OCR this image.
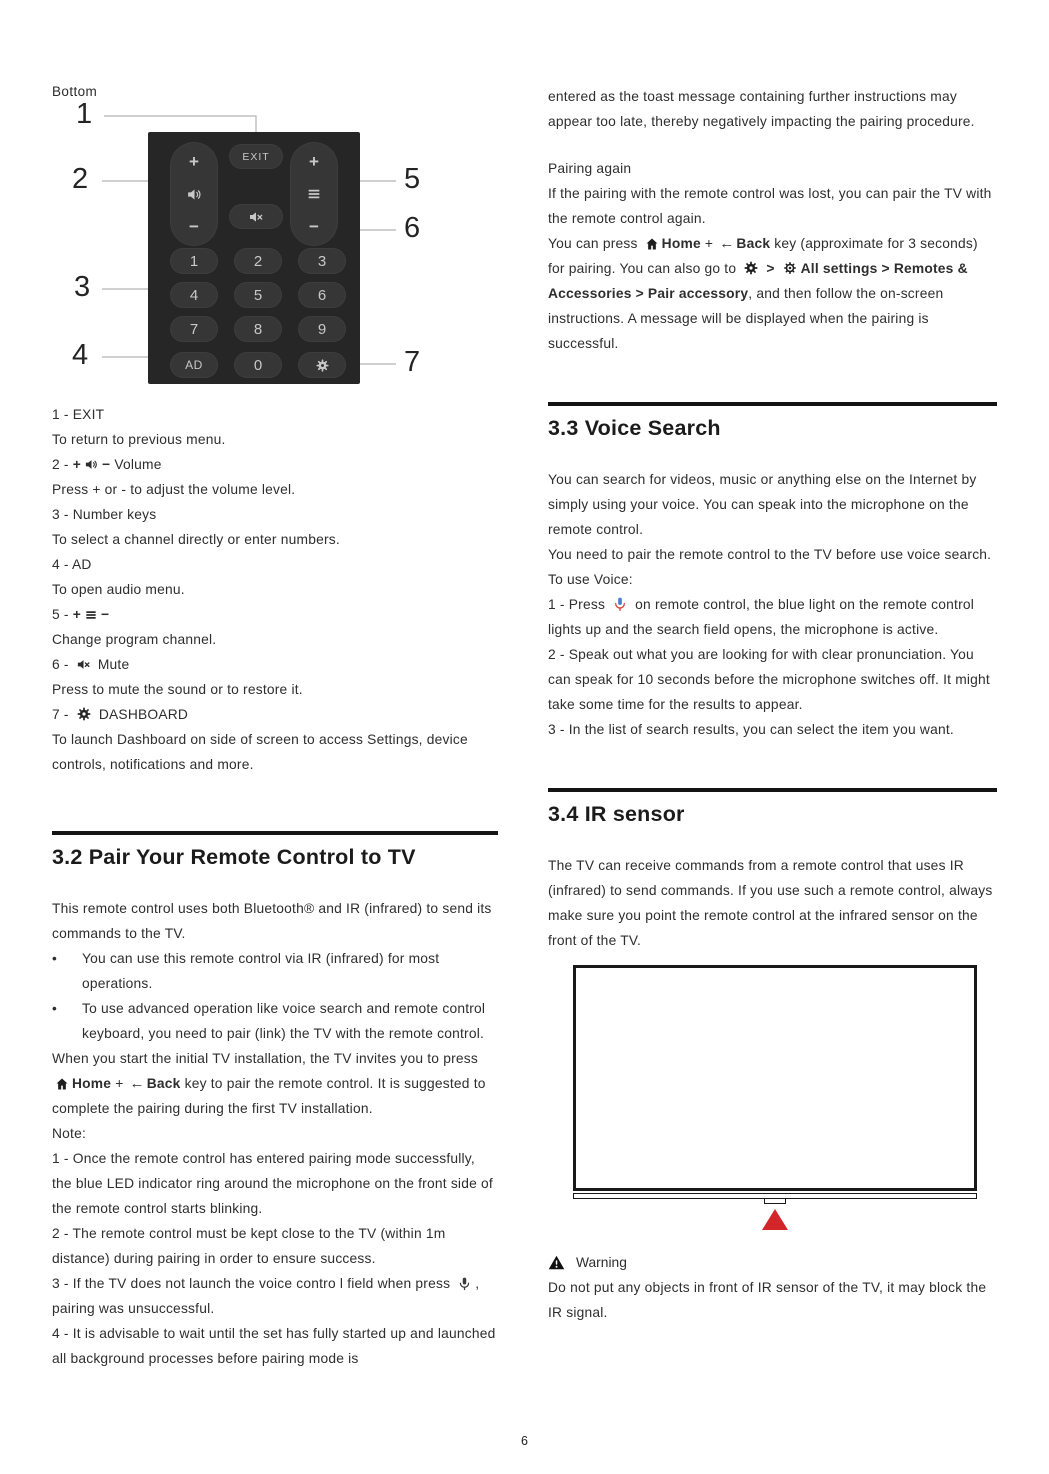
Bottom
1
2
3
4
5
6
7
+
−
EXIT	+
−
1	2	3
4	5	6
7	8	9
AD	0

1 - EXIT

To return to previous menu.

2 - + − Volume

Press + or - to adjust the volume level.

3 - Number keys

To select a channel directly or enter numbers.

4 - AD

To open audio menu.

5 - + −

Change program channel.

6 - Mute

Press to mute the sound or to restore it.

7 - DASHBOARD

To launch Dashboard on side of screen to access Settings, device controls, notifications and more.

3.2 Pair Your Remote Control to TV

This remote control uses both Bluetooth® and IR (infrared) to send its commands to the TV.

•	You can use this remote control via IR (infrared) for most operations.

•	To use advanced operation like voice search and remote control keyboard, you need to pair (link) the TV with the remote control.

When you start the initial TV installation, the TV invites you to press Home + ← Back key to pair the remote control. It is suggested to complete the pairing during the first TV installation.

Note:

1 - Once the remote control has entered pairing mode successfully, the blue LED indicator ring around the microphone on the front side of the remote control starts blinking.

2 - The remote control must be kept close to the TV (within 1m distance) during pairing in order to ensure success.

3 - If the TV does not launch the voice contro l field when press , pairing was unsuccessful.

4 - It is advisable to wait until the set has fully started up and launched all background processes before pairing mode is

entered as the toast message containing further instructions may appear too late, thereby negatively impacting the pairing procedure.

Pairing again

If the pairing with the remote control was lost, you can pair the TV with the remote control again.

You can press Home + ← Back key (approximate for 3 seconds) for pairing. You can also go to > All settings > Remotes & Accessories > Pair accessory, and then follow the on-screen instructions. A message will be displayed when the pairing is successful.

3.3 Voice Search

You can search for videos, music or anything else on the Internet by simply using your voice. You can speak into the microphone on the remote control.

You need to pair the remote control to the TV before use voice search.

To use Voice:

1 - Press on remote control, the blue light on the remote control lights up and the search field opens, the microphone is active.

2 - Speak out what you are looking for with clear pronunciation. You can speak for 10 seconds before the microphone switches off. It might take some time for the results to appear.

3 - In the list of search results, you can select the item you want.

3.4 IR sensor

The TV can receive commands from a remote control that uses IR (infrared) to send commands. If you use such a remote control, always make sure you point the remote control at the infrared sensor on the front of the TV.

Warning

Do not put any objects in front of IR sensor of the TV, it may block the IR signal.

6
